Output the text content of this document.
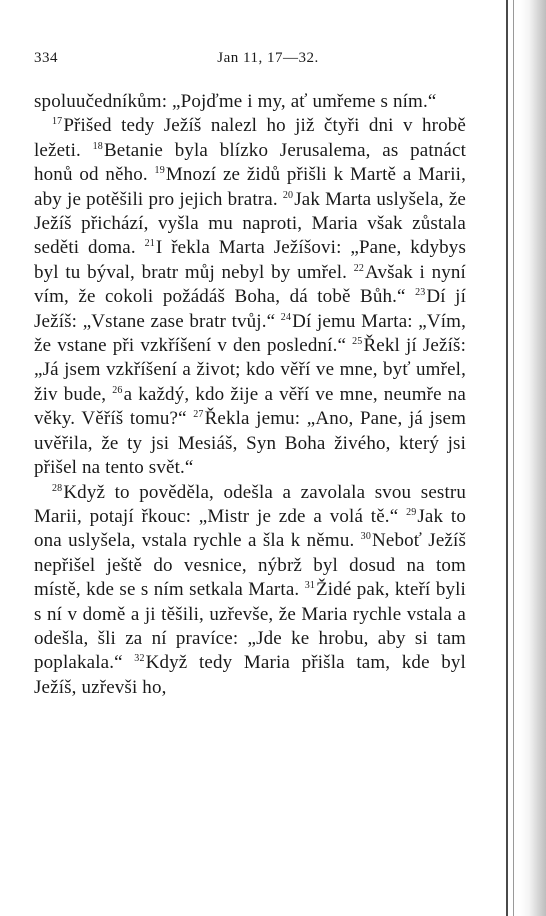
334	Jan 11, 17—32.

spoluučedníkům: „Pojďme i my, ať umřeme s ním.“

$^{17}$Přišed tedy Ježíš nalezl ho již čtyři dni v hrobě ležeti. $^{18}$Betanie byla blízko Jerusalema, as patnáct honů od něho. $^{19}$Mnozí ze židů přišli k Martě a Marii, aby je potěšili pro jejich bratra. $^{20}$Jak Marta uslyšela, že Ježíš přichází, vyšla mu naproti, Maria však zůstala seděti doma. $^{21}$I řekla Marta Ježíšovi: „Pane, kdybys byl tu býval, bratr můj nebyl by umřel. $^{22}$Avšak i nyní vím, že cokoli požádáš Boha, dá tobě Bůh.“ $^{23}$Dí jí Ježíš: „Vstane zase bratr tvůj.“ $^{24}$Dí jemu Marta: „Vím, že vstane při vzkříšení v den poslední.“ $^{25}$Řekl jí Ježíš: „Já jsem vzkříšení a život; kdo věří ve mne, byť umřel, živ bude, $^{26}$a každý, kdo žije a věří ve mne, neumře na věky. Věříš tomu?“ $^{27}$Řekla jemu: „Ano, Pane, já jsem uvěřila, že ty jsi Mesiáš, Syn Boha živého, který jsi přišel na tento svět.“

$^{28}$Když to pověděla, odešla a zavolala svou sestru Marii, potají řkouc: „Mistr je zde a volá tě.“ $^{29}$Jak to ona uslyšela, vstala rychle a šla k němu. $^{30}$Neboť Ježíš nepřišel ještě do vesnice, nýbrž byl dosud na tom místě, kde se s ním setkala Marta. $^{31}$Židé pak, kteří byli s ní v domě a ji těšili, uzřevše, že Maria rychle vstala a odešla, šli za ní pravíce: „Jde ke hrobu, aby si tam poplakala.“ $^{32}$Když tedy Maria přišla tam, kde byl Ježíš, uzřevši ho,
